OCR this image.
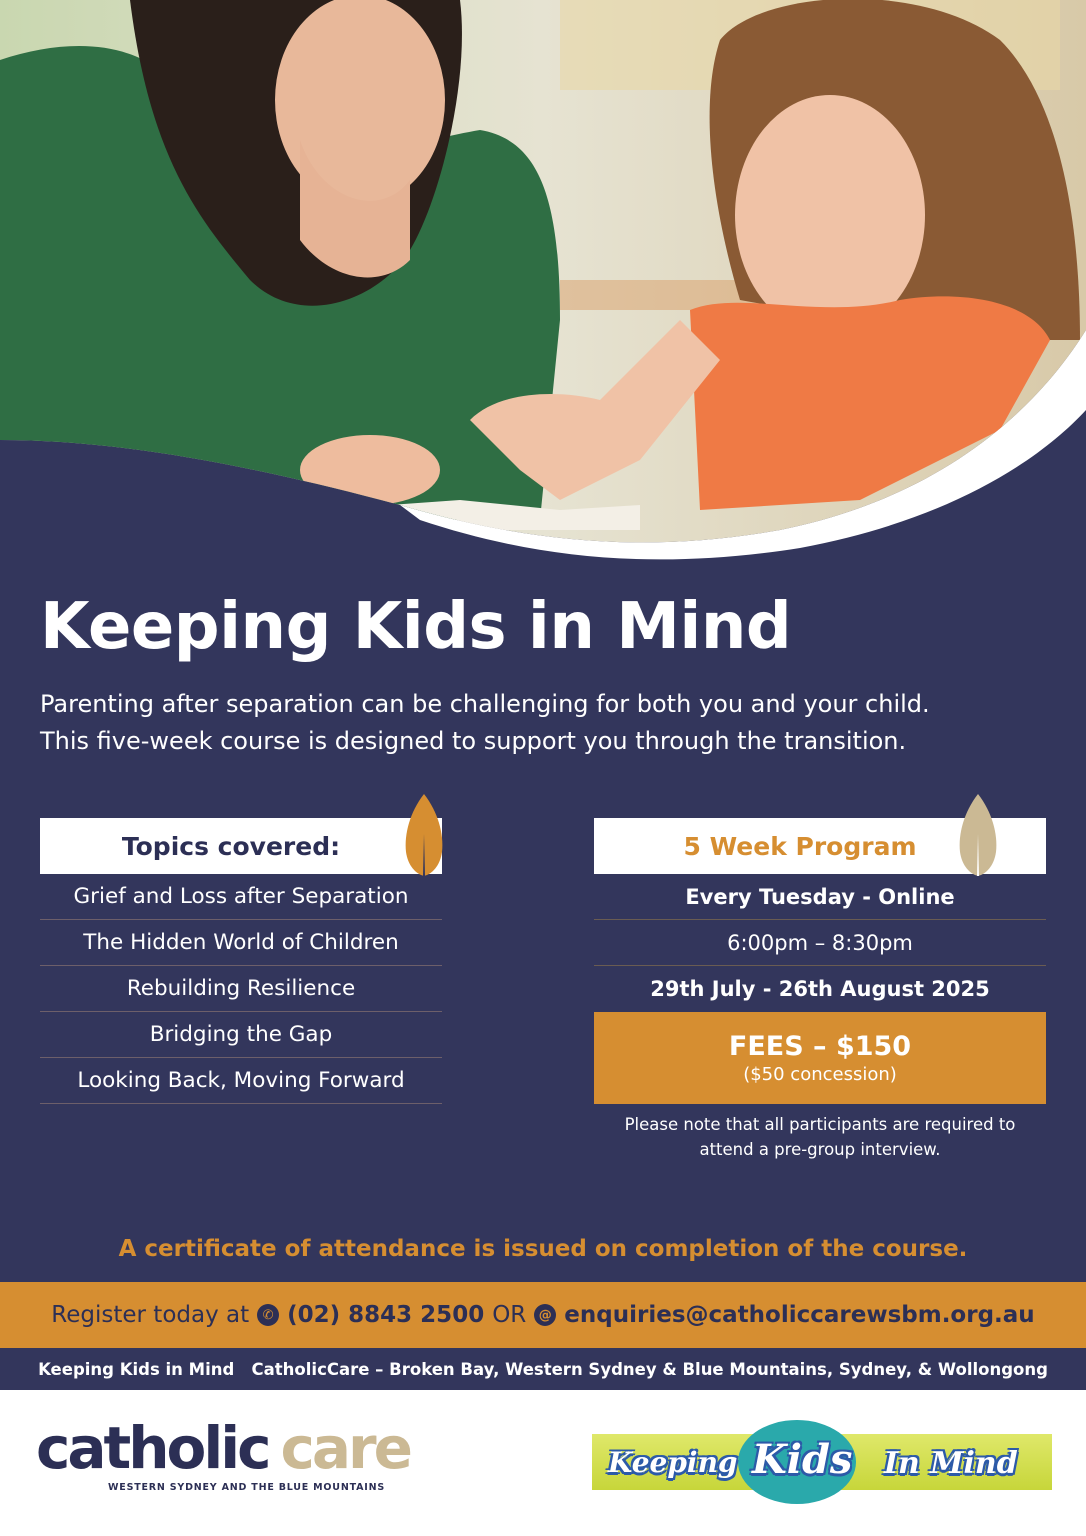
Keeping Kids in Mind
Parenting after separation can be challenging for both you and your child.
This five-week course is designed to support you through the transition.
Topics covered:
Grief and Loss after Separation
The Hidden World of Children
Rebuilding Resilience
Bridging the Gap
Looking Back, Moving Forward
5 Week Program
Every Tuesday - Online
6:00pm – 8:30pm
29th July - 26th August 2025
FEES – $150
($50 concession)
Please note that all participants are required to
attend a pre-group interview.
A certificate of attendance is issued on completion of the course.
Register today at	✆ (02) 8843 2500 OR @ enquiries@catholiccarewsbm.org.au
Keeping Kids in Mind   CatholicCare – Broken Bay, Western Sydney & Blue Mountains, Sydney, & Wollongong
catholic care
WESTERN SYDNEY AND THE BLUE MOUNTAINS
Keeping Kids In Mind
